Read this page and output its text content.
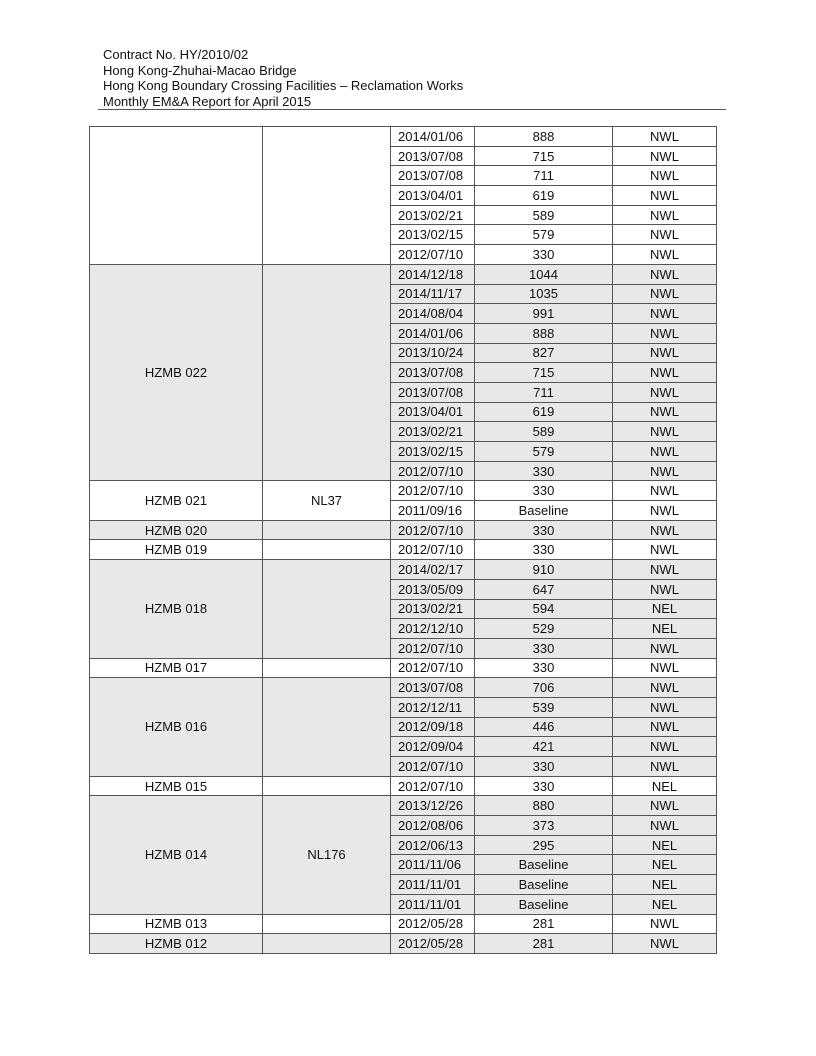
Contract No. HY/2010/02
Hong Kong-Zhuhai-Macao Bridge
Hong Kong Boundary Crossing Facilities – Reclamation Works
Monthly EM&A Report for April 2015
		2014/01/06	888	NWL
		2013/07/08	715	NWL
		2013/07/08	711	NWL
		2013/04/01	619	NWL
		2013/02/21	589	NWL
		2013/02/15	579	NWL
		2012/07/10	330	NWL
HZMB 022		2014/12/18	1044	NWL
		2014/11/17	1035	NWL
		2014/08/04	991	NWL
		2014/01/06	888	NWL
		2013/10/24	827	NWL
		2013/07/08	715	NWL
		2013/07/08	711	NWL
		2013/04/01	619	NWL
		2013/02/21	589	NWL
		2013/02/15	579	NWL
		2012/07/10	330	NWL
HZMB 021	NL37	2012/07/10	330	NWL
		2011/09/16	Baseline	NWL
HZMB 020		2012/07/10	330	NWL
HZMB 019		2012/07/10	330	NWL
HZMB 018		2014/02/17	910	NWL
		2013/05/09	647	NWL
		2013/02/21	594	NEL
		2012/12/10	529	NEL
		2012/07/10	330	NWL
HZMB 017		2012/07/10	330	NWL
HZMB 016		2013/07/08	706	NWL
		2012/12/11	539	NWL
		2012/09/18	446	NWL
		2012/09/04	421	NWL
		2012/07/10	330	NWL
HZMB 015		2012/07/10	330	NEL
HZMB 014	NL176	2013/12/26	880	NWL
		2012/08/06	373	NWL
		2012/06/13	295	NEL
		2011/11/06	Baseline	NEL
		2011/11/01	Baseline	NEL
		2011/11/01	Baseline	NEL
HZMB 013		2012/05/28	281	NWL
HZMB 012		2012/05/28	281	NWL
